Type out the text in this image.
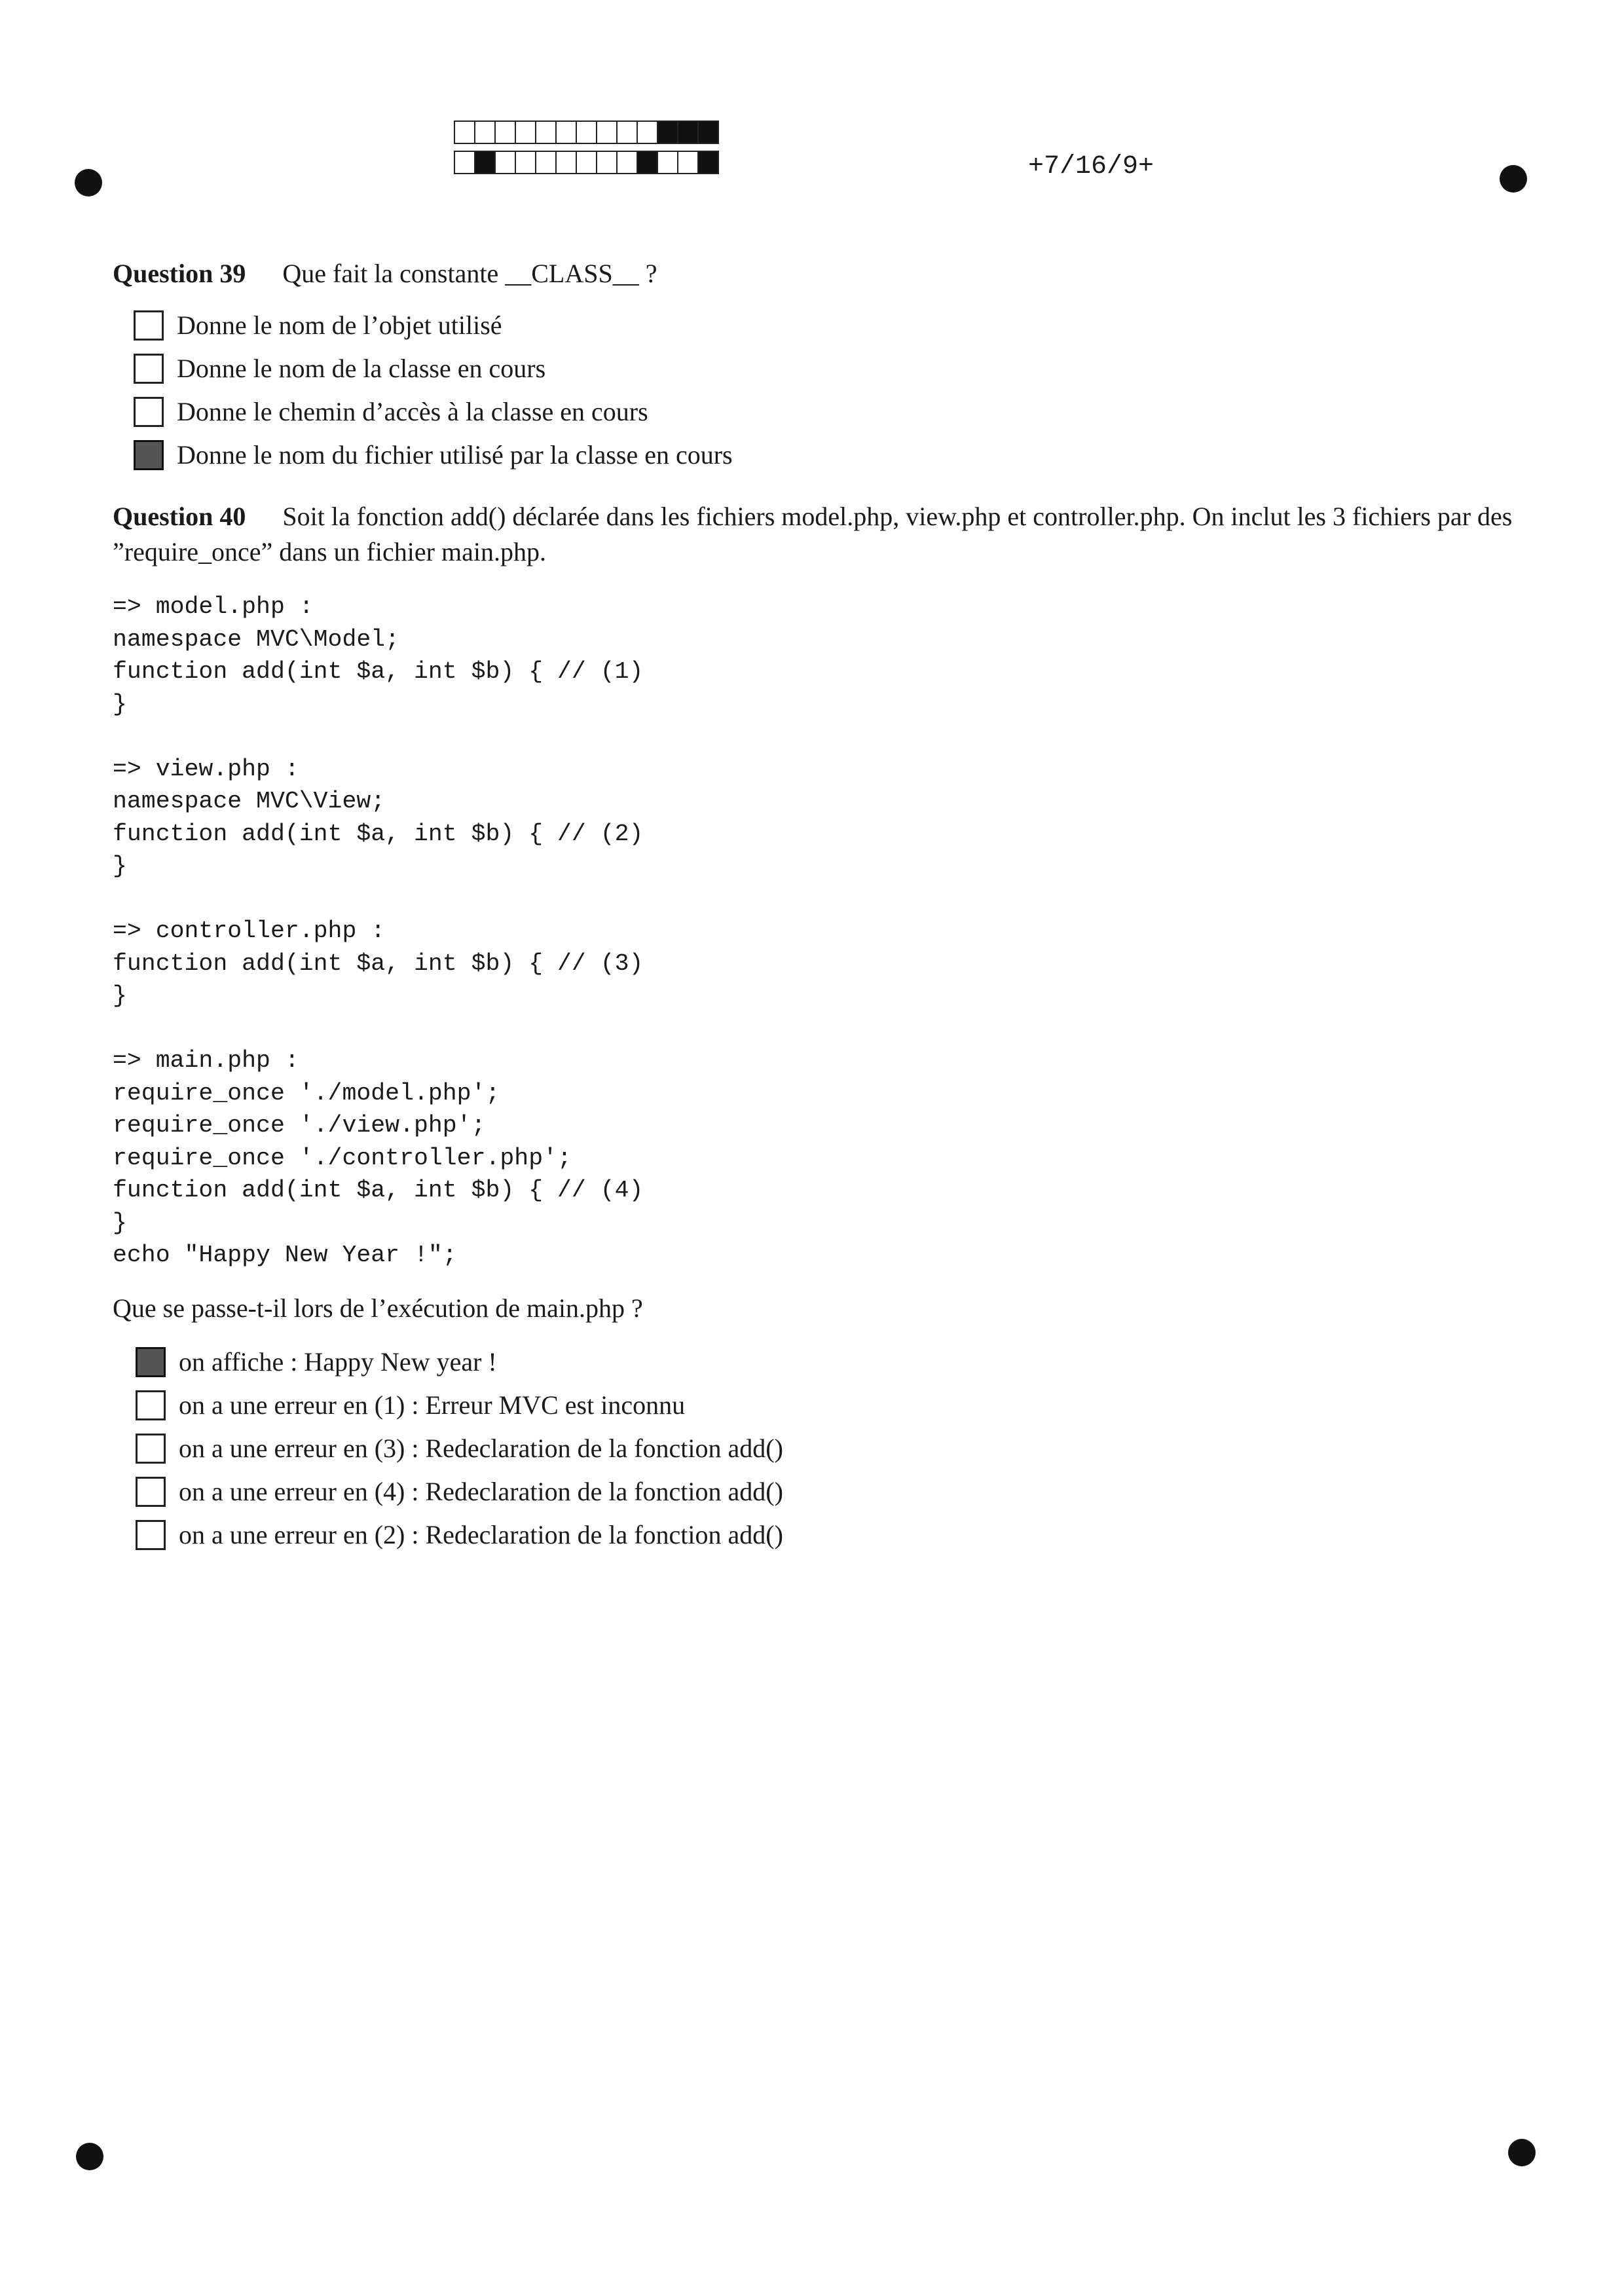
+7/16/9+
Question 39 Que fait la constante __CLASS__ ?
Donne le nom de l’objet utilisé
Donne le nom de la classe en cours
Donne le chemin d’accès à la classe en cours
Donne le nom du fichier utilisé par la classe en cours
Question 40 Soit la fonction add() déclarée dans les fichiers model.php, view.php et controller.php. On inclut les 3 fichiers par des ”require_once” dans un fichier main.php.
=> model.php :
namespace MVC\Model;
function add(int $a, int $b) { // (1)
}

=> view.php :
namespace MVC\View;
function add(int $a, int $b) { // (2)
}

=> controller.php :
function add(int $a, int $b) { // (3)
}

=> main.php :
require_once './model.php';
require_once './view.php';
require_once './controller.php';
function add(int $a, int $b) { // (4)
}
echo "Happy New Year !";
Que se passe-t-il lors de l’exécution de main.php ?
on affiche : Happy New year !
on a une erreur en (1) : Erreur MVC est inconnu
on a une erreur en (3) : Redeclaration de la fonction add()
on a une erreur en (4) : Redeclaration de la fonction add()
on a une erreur en (2) : Redeclaration de la fonction add()
